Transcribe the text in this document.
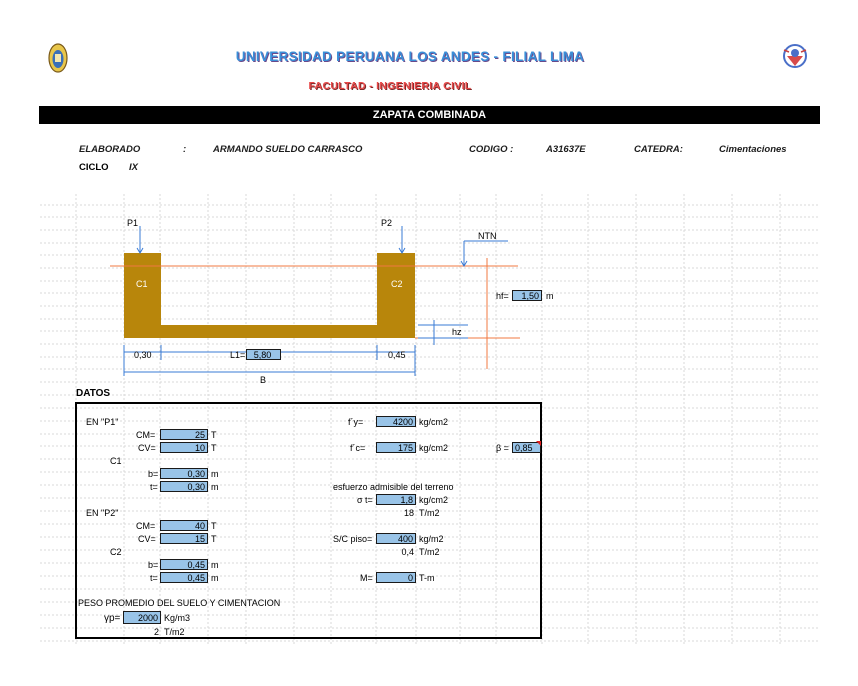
UNIVERSIDAD PERUANA LOS ANDES - FILIAL LIMA
FACULTAD - INGENIERIA CIVIL
ZAPATA COMBINADA
ELABORADO	:	ARMANDO SUELDO CARRASCO	CODIGO :	A31637E	CATEDRA:	Cimentaciones
CICLO IX
P1	P2
NTN
C1	C2
hf=	1,50 m
hz
0,30	L1= 5,80	0,45
B
DATOS
EN "P1"
CM=	25 T
CV=	10 T
C1
b=	0,30 m
t=	0,30 m
EN "P2"
CM=	40 T
CV=	15 T
C2
b=	0,45 m
t=	0,45 m
f´y=	4200 kg/cm2
f´c=	175 kg/cm2	β = 0,85
esfuerzo admisible del terreno
σ t=	1,8 kg/cm2
18 T/m2
S/C piso=	400 kg/m2
0,4 T/m2
M=	0 T-m
PESO PROMEDIO DEL SUELO Y CIMENTACION
γp=	2000 Kg/m3
2 T/m2
